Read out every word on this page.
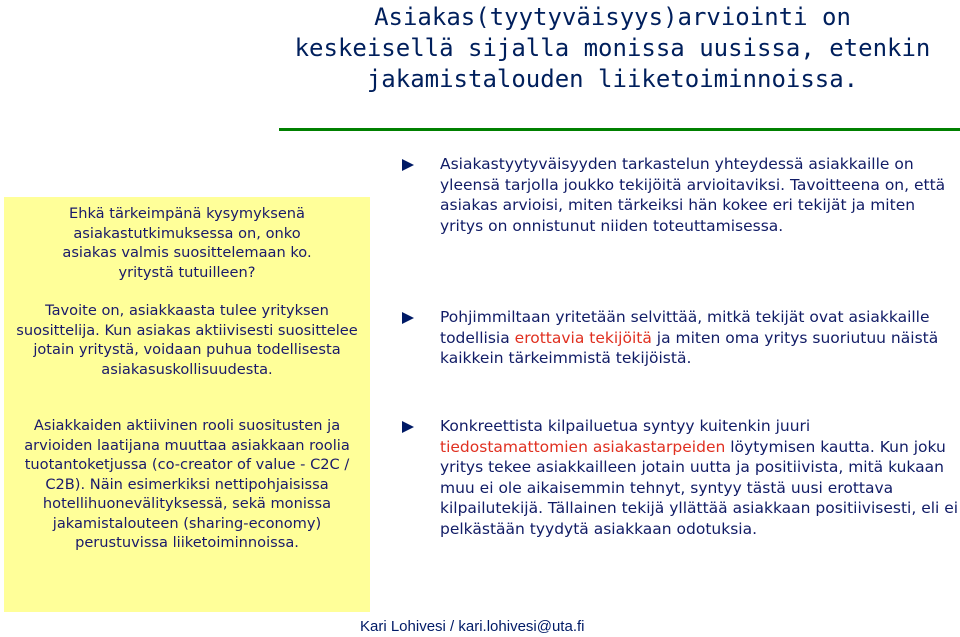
Asiakas(tyytyväisyys)arviointi on
keskeisellä sijalla monissa uusissa, etenkin
jakamistalouden liiketoiminnoissa.

Ehkä tärkeimpänä kysymyksenä asiakastutkimuksessa on, onko asiakas valmis suosittelemaan ko. yritystä tutuilleen?

Tavoite on, asiakkaasta tulee yrityksen suosittelija. Kun asiakas aktiivisesti suosittelee jotain yritystä, voidaan puhua todellisesta asiakasuskollisuudesta.

Asiakkaiden aktiivinen rooli suositusten ja arvioiden laatijana muuttaa asiakkaan roolia tuotantoketjussa (co-creator of value - C2C / C2B). Näin esimerkiksi nettipohjaisissa hotellihuonevälityksessä, sekä monissa jakamistalouteen (sharing-economy) perustuvissa liiketoiminnoissa.

Asiakastyytyväisyyden tarkastelun yhteydessä asiakkaille on yleensä tarjolla joukko tekijöitä arvioitaviksi. Tavoitteena on, että asiakas arvioisi, miten tärkeiksi hän kokee eri tekijät ja miten yritys on onnistunut niiden toteuttamisessa.

Pohjimmiltaan yritetään selvittää, mitkä tekijät ovat asiakkaille todellisia erottavia tekijöitä ja miten oma yritys suoriutuu näistä kaikkein tärkeimmistä tekijöistä.

Konkreettista kilpailuetua syntyy kuitenkin juuri tiedostamattomien asiakastarpeiden löytymisen kautta. Kun joku yritys tekee asiakkailleen jotain uutta ja positiivista, mitä kukaan muu ei ole aikaisemmin tehnyt, syntyy tästä uusi erottava kilpailutekijä. Tällainen tekijä yllättää asiakkaan positiivisesti, eli ei pelkästään tyydytä asiakkaan odotuksia.

Kari Lohivesi / kari.lohivesi@uta.fi
